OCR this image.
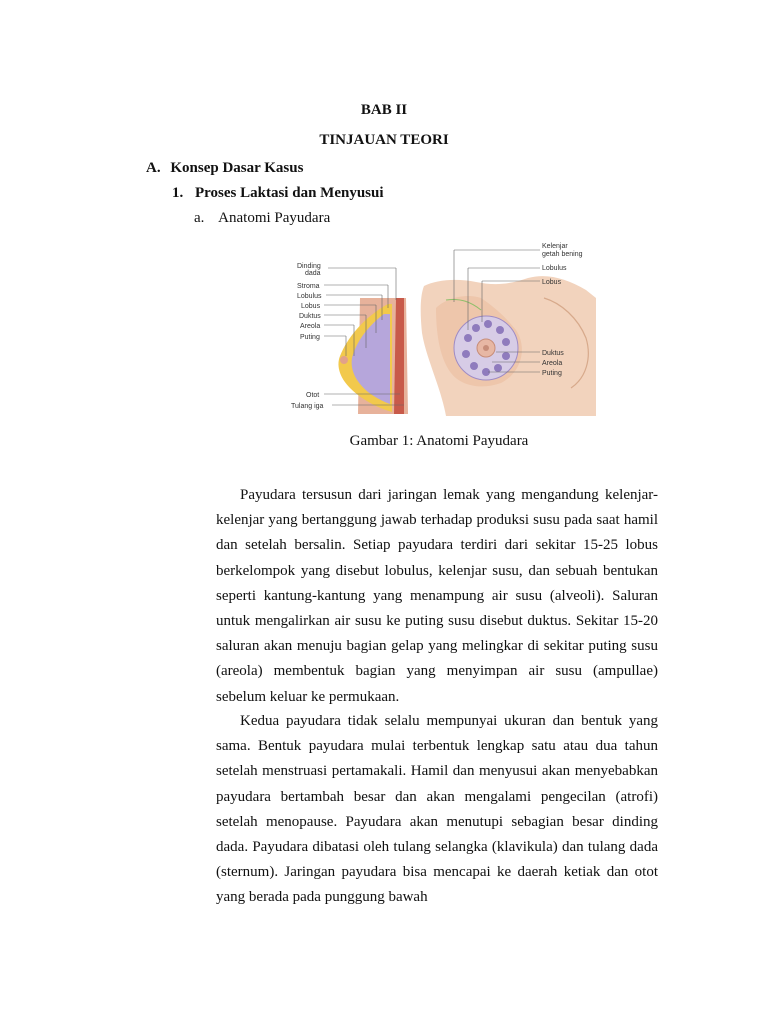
BAB II
TINJAUAN TEORI
A. Konsep Dasar Kasus
1. Proses Laktasi dan Menyusui
a. Anatomi Payudara
Dinding
dada
Stroma
Lobulus
Lobus
Duktus
Areola
Puting
Otot
Tulang iga
Kelenjar
getah bening
Lobulus
Lobus
Duktus
Areola
Puting
Gambar 1: Anatomi Payudara

Payudara tersusun dari jaringan lemak yang mengandung kelenjar-kelenjar yang bertanggung jawab terhadap produksi susu pada saat hamil dan setelah bersalin. Setiap payudara terdiri dari sekitar 15-25 lobus berkelompok yang disebut lobulus, kelenjar susu, dan sebuah bentukan seperti kantung-kantung yang menampung air susu (alveoli). Saluran untuk mengalirkan air susu ke puting susu disebut duktus. Sekitar 15-20 saluran akan menuju bagian gelap yang melingkar di sekitar puting susu (areola) membentuk bagian yang menyimpan air susu (ampullae) sebelum keluar ke permukaan.

Kedua payudara tidak selalu mempunyai ukuran dan bentuk yang sama. Bentuk payudara mulai terbentuk lengkap satu atau dua tahun setelah menstruasi pertamakali. Hamil dan menyusui akan menyebabkan payudara bertambah besar dan akan mengalami pengecilan (atrofi) setelah menopause. Payudara akan menutupi sebagian besar dinding dada. Payudara dibatasi oleh tulang selangka (klavikula) dan tulang dada (sternum). Jaringan payudara bisa mencapai ke daerah ketiak dan otot yang berada pada punggung bawah
